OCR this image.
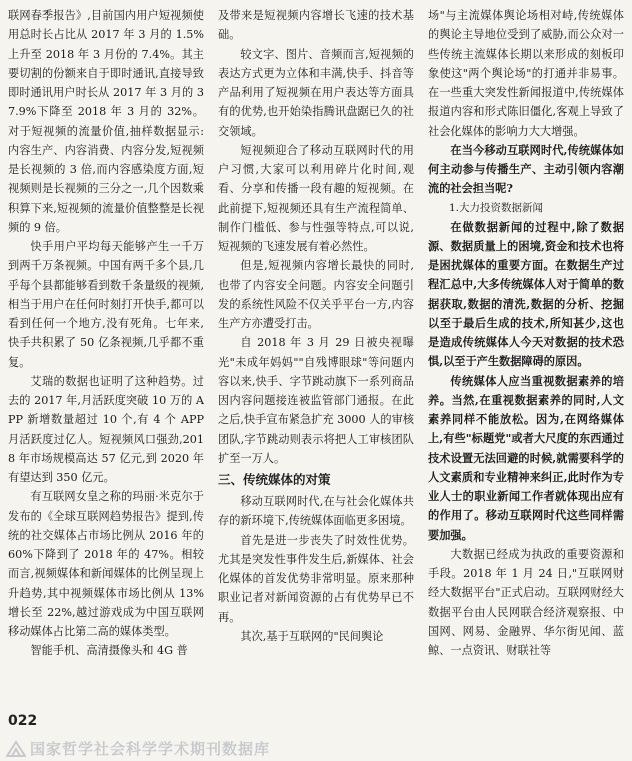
联网春季报告》,目前国内用户短视频使用总时长占比从 2017 年 3 月的 1.5%上升至 2018 年 3 月份的 7.4%。其主要切割的份额来自于即时通讯,直接导致即时通讯用户时长从 2017 年 3 月的 37.9%下降至 2018 年 3 月的 32%。对于短视频的流量价值,抽样数据显示:内容生产、内容消费、内容分发,短视频是长视频的 3 倍,而内容感染度方面,短视频则是长视频的三分之一,几个因数乘积算下来,短视频的流量价值整整是长视频的 9 倍。

快手用户平均每天能够产生一千万到两千万条视频。中国有两千多个县,几乎每个县都能够看到数千条量级的视频,相当于用户在任何时刻打开快手,都可以看到任何一个地方,没有死角。七年来,快手共积累了 50 亿条视频,几乎都不重复。

艾瑞的数据也证明了这种趋势。过去的 2017 年,月活跃度突破 10 万的 APP 新增数量超过 10 个,有 4 个 APP 月活跃度过亿人。短视频风口强劲,2018 年市场规模高达 57 亿元,到 2020 年有望达到 350 亿元。

有互联网女皇之称的玛丽·米克尔于发布的《全球互联网趋势报告》提到,传统的社交媒体占市场比例从 2016 年的 60%下降到了 2018 年的 47%。相较而言,视频媒体和新闻媒体的比例呈现上升趋势,其中视频媒体市场比例从 13%增长至 22%,越过游戏成为中国互联网移动媒体占比第二高的媒体类型。

智能手机、高清摄像头和 4G 普

及带来是短视频内容增长飞速的技术基础。

较文字、图片、音频而言,短视频的表达方式更为立体和丰满,快手、抖音等产品利用了短视频在用户表达等方面具有的优势,也开始染指腾讯盘踞已久的社交领域。

短视频迎合了移动互联网时代的用户习惯,大家可以利用碎片化时间,观看、分享和传播一段有趣的短视频。在此前提下,短视频还具有生产流程简单、制作门槛低、参与性强等特点,可以说,短视频的飞速发展有着必然性。

但是,短视频内容增长最快的同时,也带了内容安全问题。内容安全问题引发的系统性风险不仅关乎平台一方,内容生产方亦遭受打击。

自 2018 年 3 月 29 日被央视曝光"未成年妈妈""自残博眼球"等问题内容以来,快手、字节跳动旗下一系列商品因内容问题接连被监管部门通报。在此之后,快手宣布紧急扩充 3000 人的审核团队,字节跳动则表示将把人工审核团队扩至一万人。

三、传统媒体的对策

移动互联网时代,在与社会化媒体共存的新环境下,传统媒体面临更多困境。

首先是进一步丧失了时效性优势。尤其是突发性事件发生后,新媒体、社会化媒体的首发优势非常明显。原来那种职业记者对新闻资源的占有优势早已不再。

其次,基于互联网的"民间舆论

场"与主流媒体舆论场相对峙,传统媒体的舆论主导地位受到了威胁,而公众对一些传统主流媒体长期以来形成的刻板印象使这"两个舆论场"的打通并非易事。在一些重大突发性新闻报道中,传统媒体报道内容和形式陈旧僵化,客观上导致了社会化媒体的影响力大大增强。

在当今移动互联网时代,传统媒体如何主动参与传播生产、主动引领内容潮流的社会担当呢?

1.大力投资数据新闻

在做数据新闻的过程中,除了数据源、数据质量上的困境,资金和技术也将是困扰媒体的重要方面。在数据生产过程汇总中,大多传统媒体人对于简单的数据获取,数据的清洗,数据的分析、挖掘以至于最后生成的技术,所知甚少,这也是造成传统媒体人今天对数据的技术恐惧,以至于产生数据障碍的原因。

传统媒体人应当重视数据素养的培养。当然,在重视数据素养的同时,人文素养同样不能放松。因为,在网络媒体上,有些"标题党"或者大尺度的东西通过技术设置无法回避的时候,就需要科学的人文素质和专业精神来纠正,此时作为专业人士的职业新闻工作者就体现出应有的作用了。移动互联网时代这些同样需要加强。

大数据已经成为执政的重要资源和手段。2018 年 1 月 24 日,"互联网财经大数据平台"正式启动。互联网财经大数据平台由人民网联合经济观察报、中国网、网易、金融界、华尔街见闻、蓝鲸、一点资讯、财联社等

022
国家哲学社会科学学术期刊数据库
